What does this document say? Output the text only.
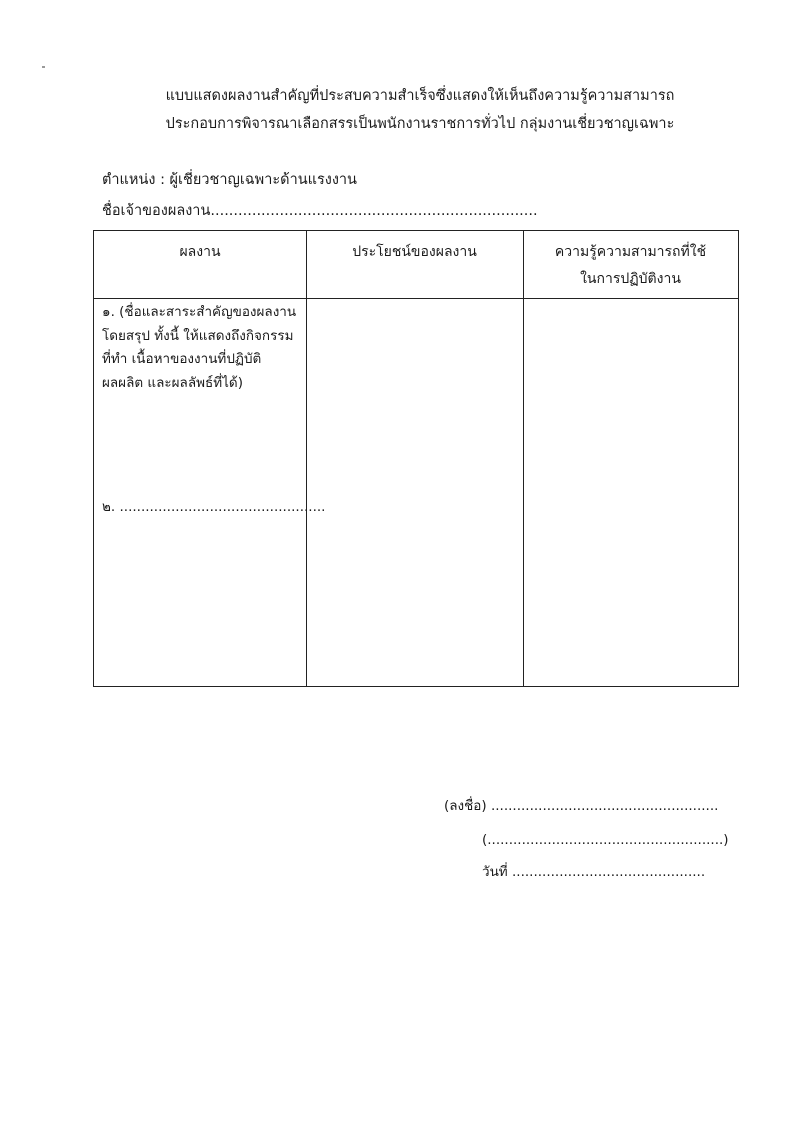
แบบแสดงผลงานสำคัญที่ประสบความสำเร็จซึ่งแสดงให้เห็นถึงความรู้ความสามารถ
ประกอบการพิจารณาเลือกสรรเป็นพนักงานราชการทั่วไป กลุ่มงานเชี่ยวชาญเฉพาะ
ตำแหน่ง : ผู้เชี่ยวชาญเฉพาะด้านแรงงาน
ชื่อเจ้าของผลงาน.......................................................................
ผลงาน	ประโยชน์ของผลงาน	ความรู้ความสามารถที่ใช้
ในการปฏิบัติงาน
๑. (ชื่อและสาระสำคัญของผลงาน โดยสรุป ทั้งนี้ ให้แสดงถึงกิจกรรม ที่ทำ เนื้อหาของงานที่ปฏิบัติ ผลผลิต และผลลัพธ์ที่ได้)
๒. ................................................
(ลงชื่อ) .....................................................
(.......................................................)
วันที่ .............................................
